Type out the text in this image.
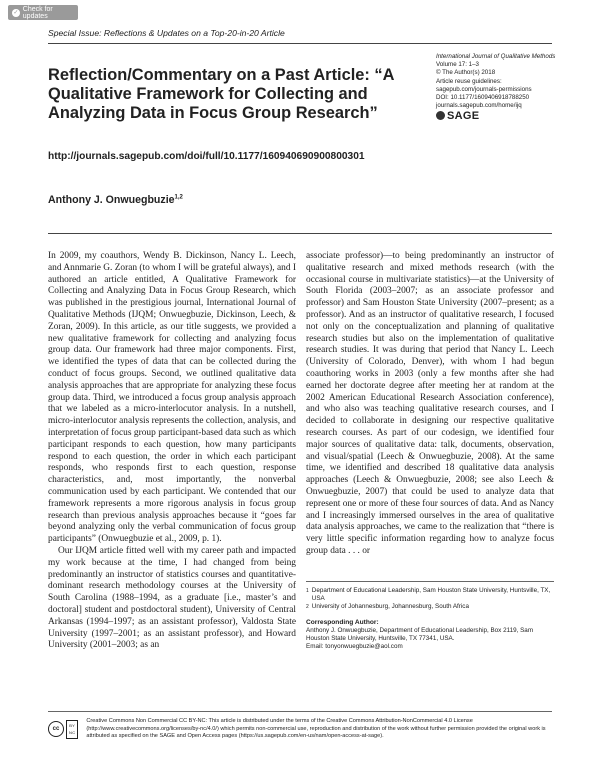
✓ Check for updates
Special Issue: Reflections & Updates on a Top-20-in-20 Article
International Journal of Qualitative Methods
Volume 17: 1–3
© The Author(s) 2018
Article reuse guidelines:
sagepub.com/journals-permissions
DOI: 10.1177/1609406918788250
journals.sagepub.com/home/ijq
SAGE
Reflection/Commentary on a Past Article: “A Qualitative Framework for Collecting and Analyzing Data in Focus Group Research”
http://journals.sagepub.com/doi/full/10.1177/160940690900800301
Anthony J. Onwuegbuzie$^{1,2}$

In 2009, my coauthors, Wendy B. Dickinson, Nancy L. Leech, and Annmarie G. Zoran (to whom I will be grateful always), and I authored an article entitled, A Qualitative Framework for Collecting and Analyzing Data in Focus Group Research, which was published in the prestigious journal, International Journal of Qualitative Methods (IJQM; Onwuegbuzie, Dickinson, Leech, & Zoran, 2009). In this article, as our title suggests, we provided a new qualitative framework for collecting and analyzing focus group data. Our framework had three major components. First, we identified the types of data that can be collected during the conduct of focus groups. Second, we outlined qualitative data analysis approaches that are appropriate for analyzing these focus group data. Third, we introduced a focus group analysis approach that we labeled as a micro-interlocutor analysis. In a nutshell, micro-interlocutor analysis represents the collection, analysis, and interpretation of focus group participant-based data such as which participant responds to each question, how many participants respond to each question, the order in which each participant responds, who responds first to each question, response characteristics, and, most importantly, the nonverbal communication used by each participant. We contended that our framework represents a more rigorous analysis in focus group research than previous analysis approaches because it “goes far beyond analyzing only the verbal communication of focus group participants” (Onwuegbuzie et al., 2009, p. 1).

Our IJQM article fitted well with my career path and impacted my work because at the time, I had changed from being predominantly an instructor of statistics courses and quantitative-dominant research methodology courses at the University of South Carolina (1988–1994, as a graduate [i.e., master’s and doctoral] student and postdoctoral student), University of Central Arkansas (1994–1997; as an assistant professor), Valdosta State University (1997–2001; as an assistant professor), and Howard University (2001–2003; as an

associate professor)—to being predominantly an instructor of qualitative research and mixed methods research (with the occasional course in multivariate statistics)—at the University of South Florida (2003–2007; as an associate professor and professor) and Sam Houston State University (2007–present; as a professor). And as an instructor of qualitative research, I focused not only on the conceptualization and planning of qualitative research studies but also on the implementation of qualitative research studies. It was during that period that Nancy L. Leech (University of Colorado, Denver), with whom I had begun coauthoring works in 2003 (only a few months after she had earned her doctorate degree after meeting her at random at the 2002 American Educational Research Association conference), and who also was teaching qualitative research courses, and I decided to collaborate in designing our respective qualitative research courses. As part of our codesign, we identified four major sources of qualitative data: talk, documents, observation, and visual/spatial (Leech & Onwuegbuzie, 2008). At the same time, we identified and described 18 qualitative data analysis approaches (Leech & Onwuegbuzie, 2008; see also Leech & Onwuegbuzie, 2007) that could be used to analyze data that represent one or more of these four sources of data. And as Nancy and I increasingly immersed ourselves in the area of qualitative data analysis approaches, we came to the realization that “there is very little specific information regarding how to analyze focus group data . . . or

1 Department of Educational Leadership, Sam Houston State University, Huntsville, TX, USA
2 University of Johannesburg, Johannesburg, South Africa
Corresponding Author:
Anthony J. Onwuegbuzie, Department of Educational Leadership, Box 2119, Sam Houston State University, Huntsville, TX 77341, USA.
Email: tonyonwuegbuzie@aol.com
cc
BY
NC
Creative Commons Non Commercial CC BY-NC: This article is distributed under the terms of the Creative Commons Attribution-NonCommercial 4.0 License (http://www.creativecommons.org/licenses/by-nc/4.0/) which permits non-commercial use, reproduction and distribution of the work without further permission provided the original work is attributed as specified on the SAGE and Open Access pages (https://us.sagepub.com/en-us/nam/open-access-at-sage).
